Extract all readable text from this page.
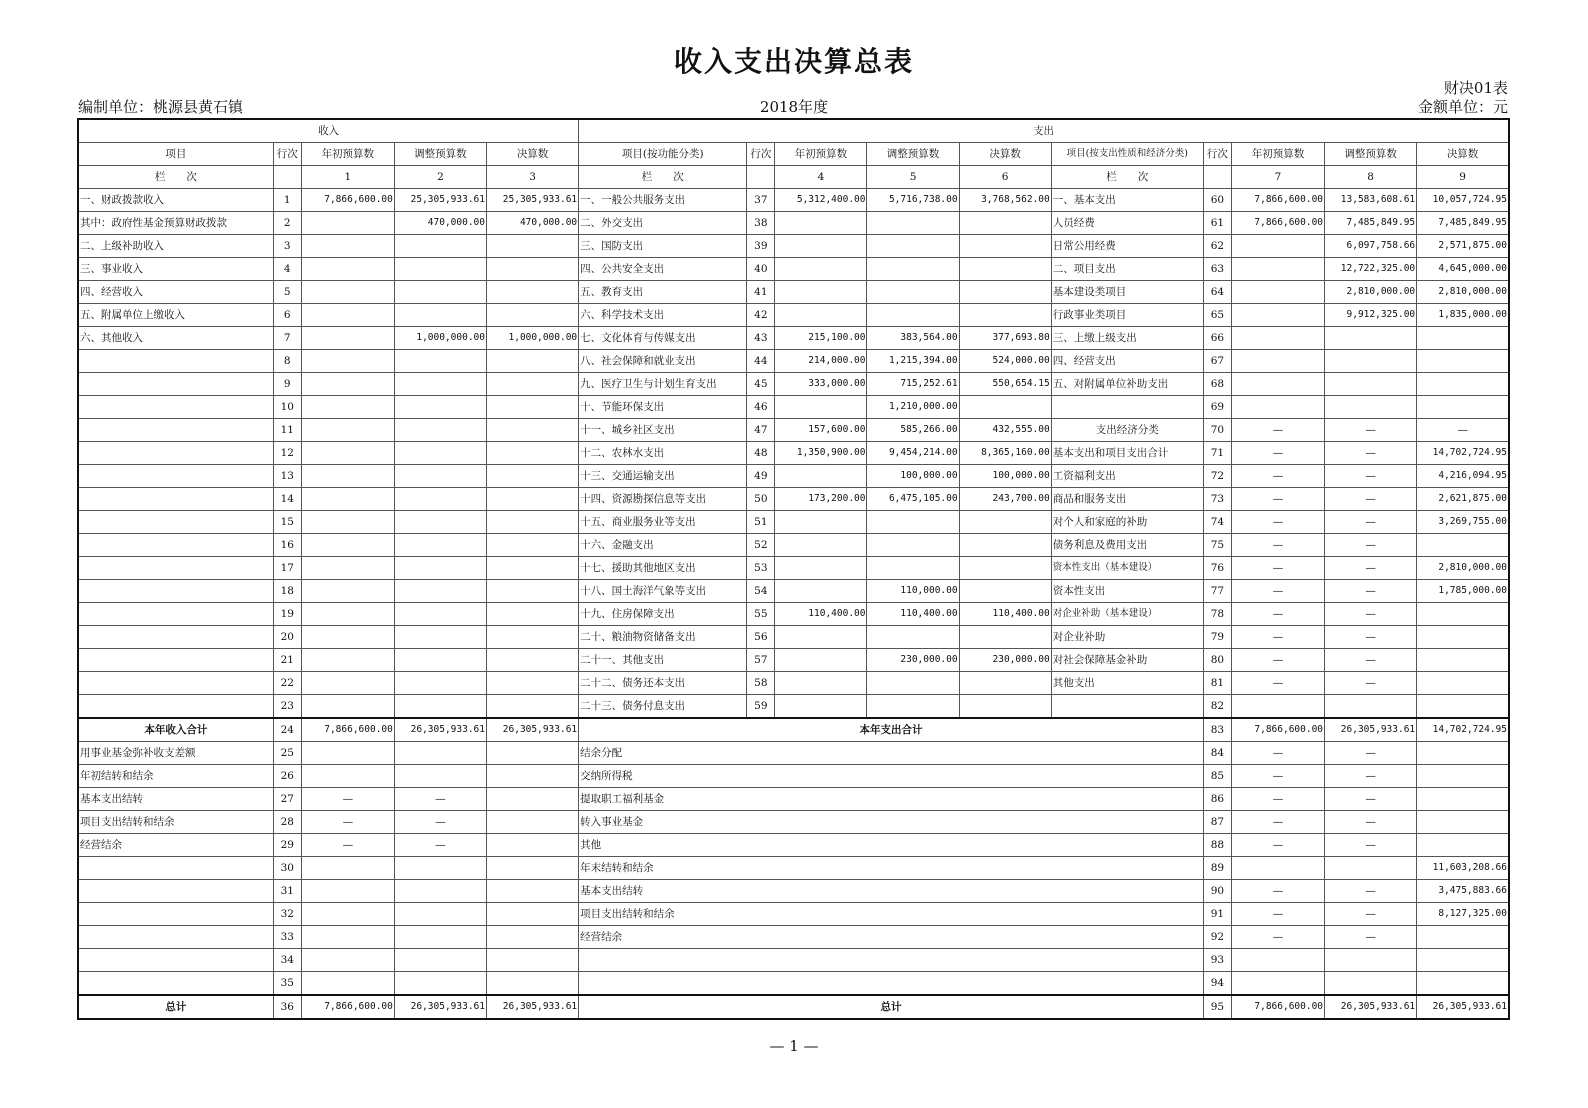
收入支出决算总表
财决01表
编制单位：桃源县黄石镇	2018年度	金额单位：元
收入					支出									
项目	行次	年初预算数	调整预算数	决算数	项目(按功能分类)	行次	年初预算数	调整预算数	决算数	项目(按支出性质和经济分类)	行次	年初预算数	调整预算数	决算数
栏　　次		1	2	3	栏　　次		4	5	6	栏　　次		7	8	9
一、财政拨款收入	1	7,866,600.00	25,305,933.61	25,305,933.61	一、一般公共服务支出	37	5,312,400.00	5,716,738.00	3,768,562.00	一、基本支出	60	7,866,600.00	13,583,608.61	10,057,724.95
其中：政府性基金预算财政拨款	2		470,000.00	470,000.00	二、外交支出	38				人员经费	61	7,866,600.00	7,485,849.95	7,485,849.95
二、上级补助收入	3				三、国防支出	39				日常公用经费	62		6,097,758.66	2,571,875.00
三、事业收入	4				四、公共安全支出	40				二、项目支出	63		12,722,325.00	4,645,000.00
四、经营收入	5				五、教育支出	41				基本建设类项目	64		2,810,000.00	2,810,000.00
五、附属单位上缴收入	6				六、科学技术支出	42				行政事业类项目	65		9,912,325.00	1,835,000.00
六、其他收入	7		1,000,000.00	1,000,000.00	七、文化体育与传媒支出	43	215,100.00	383,564.00	377,693.80	三、上缴上级支出	66			
	8				八、社会保障和就业支出	44	214,000.00	1,215,394.00	524,000.00	四、经营支出	67			
	9				九、医疗卫生与计划生育支出	45	333,000.00	715,252.61	550,654.15	五、对附属单位补助支出	68			
	10				十、节能环保支出	46		1,210,000.00			69			
	11				十一、城乡社区支出	47	157,600.00	585,266.00	432,555.00	支出经济分类	70	—	—	—
	12				十二、农林水支出	48	1,350,900.00	9,454,214.00	8,365,160.00	基本支出和项目支出合计	71	—	—	14,702,724.95
	13				十三、交通运输支出	49		100,000.00	100,000.00	工资福利支出	72	—	—	4,216,094.95
	14				十四、资源勘探信息等支出	50	173,200.00	6,475,105.00	243,700.00	商品和服务支出	73	—	—	2,621,875.00
	15				十五、商业服务业等支出	51				对个人和家庭的补助	74	—	—	3,269,755.00
	16				十六、金融支出	52				债务利息及费用支出	75	—	—	
	17				十七、援助其他地区支出	53				资本性支出（基本建设）	76	—	—	2,810,000.00
	18				十八、国土海洋气象等支出	54		110,000.00		资本性支出	77	—	—	1,785,000.00
	19				十九、住房保障支出	55	110,400.00	110,400.00	110,400.00	对企业补助（基本建设）	78	—	—	
	20				二十、粮油物资储备支出	56				对企业补助	79	—	—	
	21				二十一、其他支出	57		230,000.00	230,000.00	对社会保障基金补助	80	—	—	
	22				二十二、债务还本支出	58				其他支出	81	—	—	
	23				二十三、债务付息支出	59					82			
本年收入合计	24	7,866,600.00	26,305,933.61	26,305,933.61	本年支出合计						83	7,866,600.00	26,305,933.61	14,702,724.95
用事业基金弥补收支差额	25				结余分配						84	—	—	
年初结转和结余	26				交纳所得税						85	—	—	
基本支出结转	27	—	—		提取职工福利基金						86	—	—	
项目支出结转和结余	28	—	—		转入事业基金						87	—	—	
经营结余	29	—	—		其他						88	—	—	
	30				年末结转和结余						89			11,603,208.66
	31				基本支出结转						90	—	—	3,475,883.66
	32				项目支出结转和结余						91	—	—	8,127,325.00
	33				经营结余						92	—	—	
	34										93			
	35										94			
总计	36	7,866,600.00	26,305,933.61	26,305,933.61	总计						95	7,866,600.00	26,305,933.61	26,305,933.61
— 1 —
